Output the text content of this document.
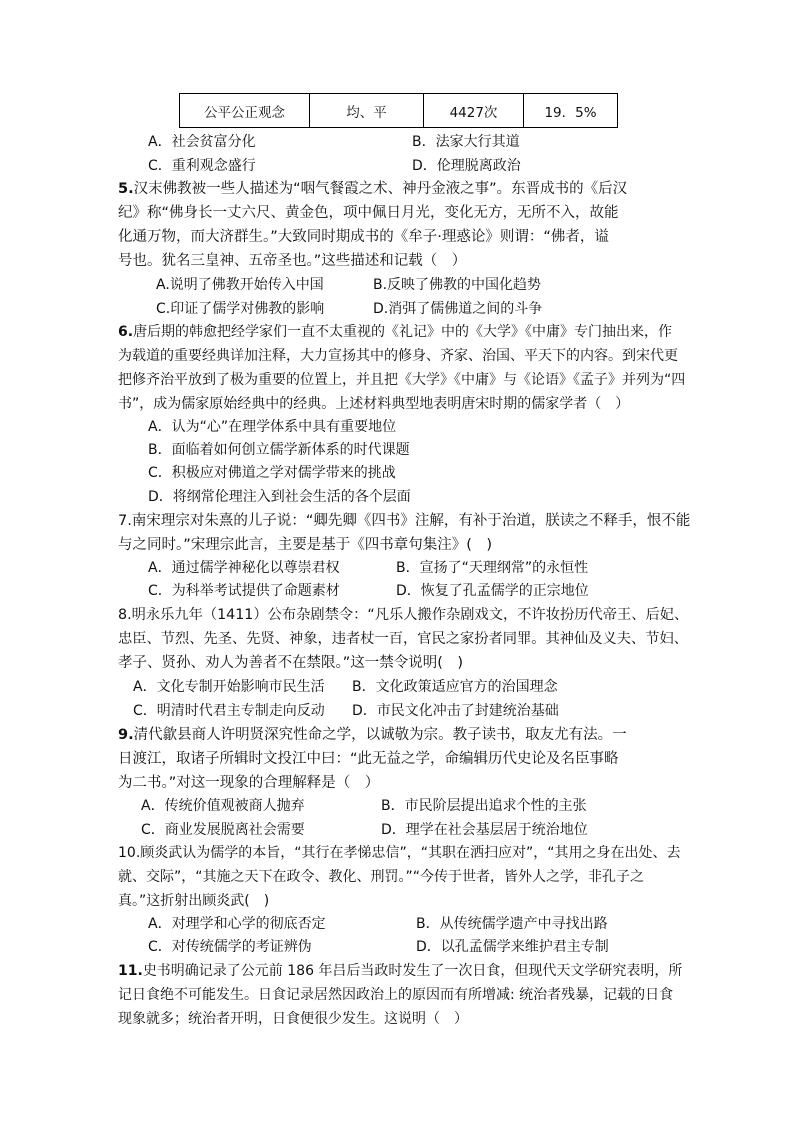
公平公正观念	均、平	4427次	19．5%
A．社会贫富分化	B．法家大行其道
C．重利观念盛行	D．伦理脱离政治
5.汉末佛教被一些人描述为“咽气餐霞之术、神丹金液之事”。东晋成书的《后汉
纪》称“佛身长一丈六尺、黄金色，项中佩日月光，变化无方，无所不入，故能
化通万物，而大济群生。”大致同时期成书的《牟子·理惑论》则谓：“佛者，谥
号也。犹名三皇神、五帝圣也。”这些描述和记载（　）
A.说明了佛教开始传入中国	B.反映了佛教的中国化趋势
C.印证了儒学对佛教的影响	D.消弭了儒佛道之间的斗争
6.唐后期的韩愈把经学家们一直不太重视的《礼记》中的《大学》《中庸》专门抽出来，作
为载道的重要经典详加注释，大力宣扬其中的修身、齐家、治国、平天下的内容。到宋代更
把修齐治平放到了极为重要的位置上，并且把《大学》《中庸》与《论语》《孟子》并列为“四
书”，成为儒家原始经典中的经典。上述材料典型地表明唐宋时期的儒家学者（　）
A．认为“心”在理学体系中具有重要地位
B．面临着如何创立儒学新体系的时代课题
C．积极应对佛道之学对儒学带来的挑战
D．将纲常伦理注入到社会生活的各个层面
7.南宋理宗对朱熹的儿子说：“卿先卿《四书》注解，有补于治道，朕读之不释手，恨不能
与之同时。”宋理宗此言，主要是基于《四书章句集注》(　)
A．通过儒学神秘化以尊崇君权	B．宣扬了“天理纲常”的永恒性
C．为科举考试提供了命题素材	D．恢复了孔孟儒学的正宗地位
8.明永乐九年（1411）公布杂剧禁令：“凡乐人搬作杂剧戏文，不许妆扮历代帝王、后妃、
忠臣、节烈、先圣、先贤、神象，违者杖一百，官民之家扮者同罪。其神仙及义夫、节妇、
孝子、贤孙、劝人为善者不在禁限。”这一禁令说明(　)
A．文化专制开始影响市民生活 B．文化政策适应官方的治国理念
C．明清时代君主专制走向反动 D．市民文化冲击了封建统治基础
9.清代歙县商人许明贤深究性命之学，以诚敬为宗。教子读书，取友尤有法。一
日渡江，取诸子所辑时文投江中曰：“此无益之学，命编辑历代史论及名臣事略
为二书。”对这一现象的合理解释是（　）
A．传统价值观被商人抛弃	B．市民阶层提出追求个性的主张
C．商业发展脱离社会需要	D．理学在社会基层居于统治地位
10.顾炎武认为儒学的本旨，“其行在孝悌忠信”，“其职在洒扫应对”，“其用之身在出处、去
就、交际”，“其施之天下在政令、教化、刑罚。”“今传于世者，皆外人之学，非孔子之
真。”这折射出顾炎武(　)
A．对理学和心学的彻底否定	B．从传统儒学遗产中寻找出路
C．对传统儒学的考证辨伪	D．以孔孟儒学来维护君主专制
11.史书明确记录了公元前 186 年吕后当政时发生了一次日食，但现代天文学研究表明，所
记日食绝不可能发生。日食记录居然因政治上的原因而有所增减: 统治者残暴，记载的日食
现象就多；统治者开明，日食便很少发生。这说明（　）
